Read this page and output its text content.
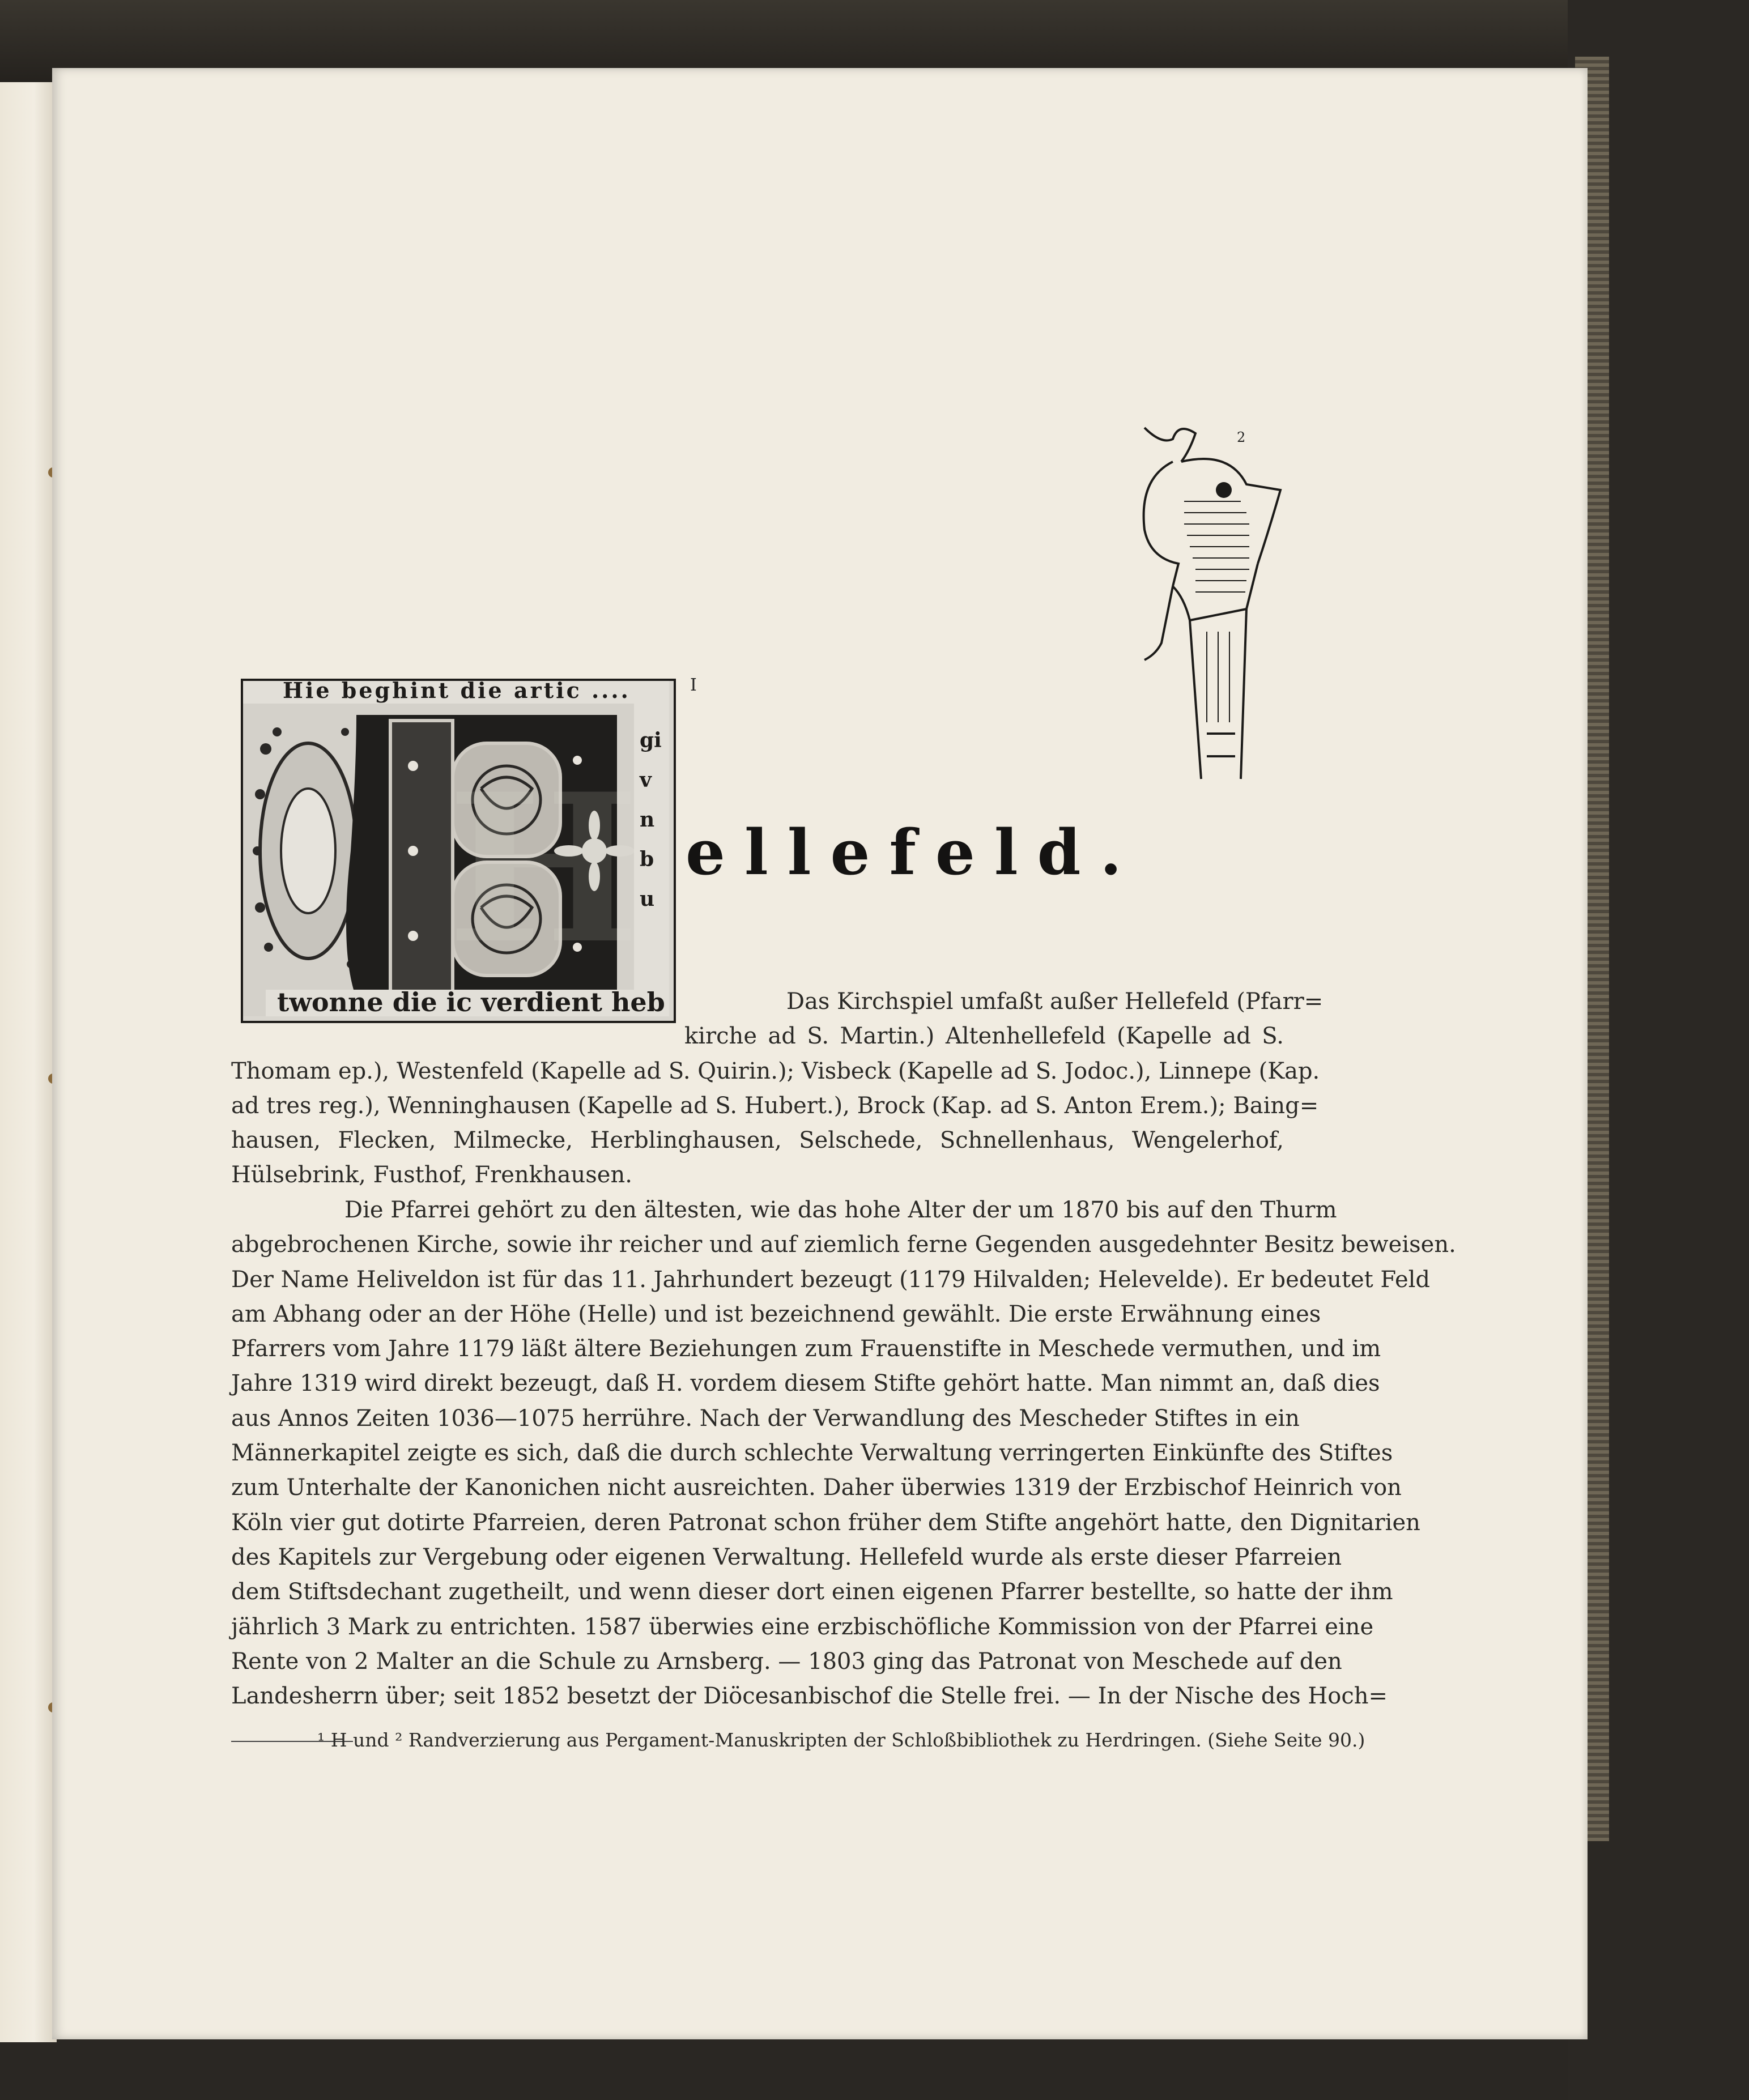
Hie beghint die artic ....
gi vn bu
twonne die ic verdient heb
H
I
2
ellefeld.
Das Kirchspiel umfaßt außer Hellefeld (Pfarr=
kirche ad S. Martin.) Altenhellefeld (Kapelle ad S.
Thomam ep.), Westenfeld (Kapelle ad S. Quirin.); Visbeck (Kapelle ad S. Jodoc.), Linnepe (Kap.
ad tres reg.), Wenninghausen (Kapelle ad S. Hubert.), Brock (Kap. ad S. Anton Erem.); Baing=
hausen, Flecken, Milmecke, Herblinghausen, Selschede, Schnellenhaus, Wengelerhof,
Hülsebrink, Fusthof, Frenkhausen.
Die Pfarrei gehört zu den ältesten, wie das hohe Alter der um 1870 bis auf den Thurm
abgebrochenen Kirche, sowie ihr reicher und auf ziemlich ferne Gegenden ausgedehnter Besitz beweisen.
Der Name Heliveldon ist für das 11. Jahrhundert bezeugt (1179 Hilvalden; Helevelde). Er bedeutet Feld
am Abhang oder an der Höhe (Helle) und ist bezeichnend gewählt. Die erste Erwähnung eines
Pfarrers vom Jahre 1179 läßt ältere Beziehungen zum Frauenstifte in Meschede vermuthen, und im
Jahre 1319 wird direkt bezeugt, daß H. vordem diesem Stifte gehört hatte. Man nimmt an, daß dies
aus Annos Zeiten 1036—1075 herrühre. Nach der Verwandlung des Mescheder Stiftes in ein
Männerkapitel zeigte es sich, daß die durch schlechte Verwaltung verringerten Einkünfte des Stiftes
zum Unterhalte der Kanonichen nicht ausreichten. Daher überwies 1319 der Erzbischof Heinrich von
Köln vier gut dotirte Pfarreien, deren Patronat schon früher dem Stifte angehört hatte, den Dignitarien
des Kapitels zur Vergebung oder eigenen Verwaltung. Hellefeld wurde als erste dieser Pfarreien
dem Stiftsdechant zugetheilt, und wenn dieser dort einen eigenen Pfarrer bestellte, so hatte der ihm
jährlich 3 Mark zu entrichten. 1587 überwies eine erzbischöfliche Kommission von der Pfarrei eine
Rente von 2 Malter an die Schule zu Arnsberg. — 1803 ging das Patronat von Meschede auf den
Landesherrn über; seit 1852 besetzt der Diöcesanbischof die Stelle frei. — In der Nische des Hoch=
¹ H und ² Randverzierung aus Pergament-Manuskripten der Schloßbibliothek zu Herdringen. (Siehe Seite 90.)
